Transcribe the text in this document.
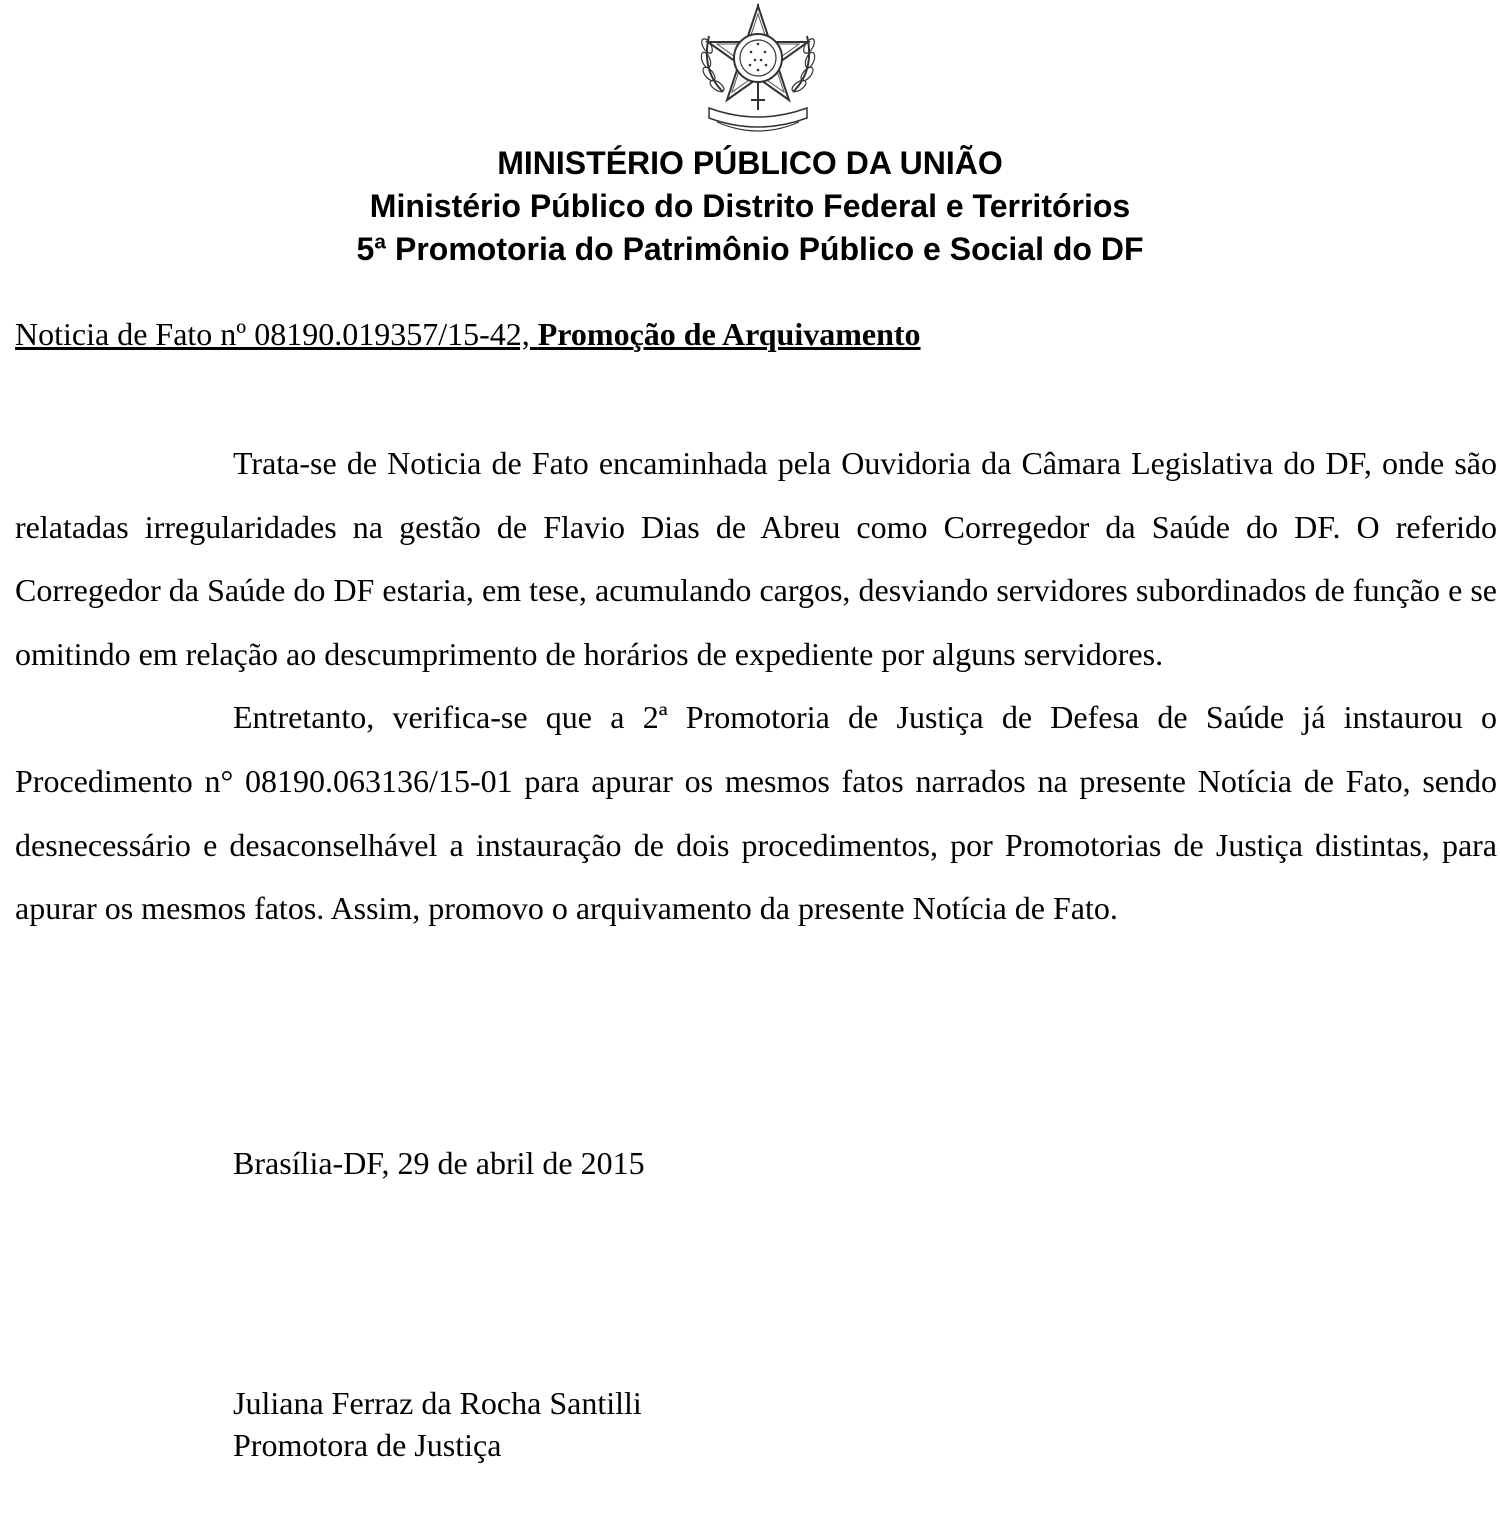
MINISTÉRIO PÚBLICO DA UNIÃO
Ministério Público do Distrito Federal e Territórios
5ª Promotoria do Patrimônio Público e Social do DF
Noticia de Fato nº 08190.019357/15-42, Promoção de Arquivamento

Trata-se de Noticia de Fato encaminhada pela Ouvidoria da Câmara Legislativa do DF, onde são relatadas irregularidades na gestão de Flavio Dias de Abreu como Corregedor da Saúde do DF. O referido Corregedor da Saúde do DF estaria, em tese, acumulando cargos, desviando servidores subordinados de função e se omitindo em relação ao descumprimento de horários de expediente por alguns servidores.

Entretanto, verifica-se que a 2ª Promotoria de Justiça de Defesa de Saúde já instaurou o Procedimento n° 08190.063136/15-01 para apurar os mesmos fatos narrados na presente Notícia de Fato, sendo desnecessário e desaconselhável a instauração de dois procedimentos, por Promotorias de Justiça distintas, para apurar os mesmos fatos. Assim, promovo o arquivamento da presente Notícia de Fato.

Brasília-DF, 29 de abril de 2015
Juliana Ferraz da Rocha Santilli
Promotora de Justiça
